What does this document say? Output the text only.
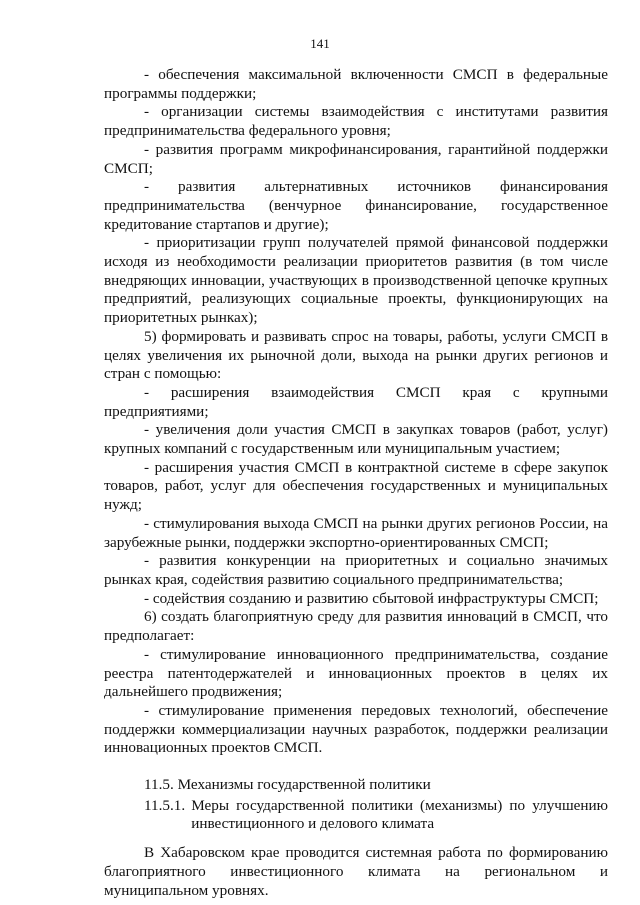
141

- обеспечения максимальной включенности СМСП в федеральные программы поддержки;

- организации системы взаимодействия с институтами развития предпринимательства федерального уровня;

- развития программ микрофинансирования, гарантийной поддержки СМСП;

- развития альтернативных источников финансирования предпринимательства (венчурное финансирование, государственное кредитование стартапов и другие);

- приоритизации групп получателей прямой финансовой поддержки исходя из необходимости реализации приоритетов развития (в том числе внедряющих инновации, участвующих в производственной цепочке крупных предприятий, реализующих социальные проекты, функционирующих на приоритетных рынках);

5) формировать и развивать спрос на товары, работы, услуги СМСП в целях увеличения их рыночной доли, выхода на рынки других регионов и стран с помощью:

- расширения взаимодействия СМСП края с крупными предприятиями;

- увеличения доли участия СМСП в закупках товаров (работ, услуг) крупных компаний с государственным или муниципальным участием;

- расширения участия СМСП в контрактной системе в сфере закупок товаров, работ, услуг для обеспечения государственных и муниципальных нужд;

- стимулирования выхода СМСП на рынки других регионов России, на зарубежные рынки, поддержки экспортно-ориентированных СМСП;

- развития конкуренции на приоритетных и социально значимых рынках края, содействия развитию социального предпринимательства;

- содействия созданию и развитию сбытовой инфраструктуры СМСП;

6) создать благоприятную среду для развития инноваций в СМСП, что предполагает:

- стимулирование инновационного предпринимательства, создание реестра патентодержателей и инновационных проектов в целях их дальнейшего продвижения;

- стимулирование применения передовых технологий, обеспечение поддержки коммерциализации научных разработок, поддержки реализации инновационных проектов СМСП.

11.5. Механизмы государственной политики

11.5.1. Меры государственной политики (механизмы) по улучшению инвестиционного и делового климата

В Хабаровском крае проводится системная работа по формированию благоприятного инвестиционного климата на региональном и муниципальном уровнях.
